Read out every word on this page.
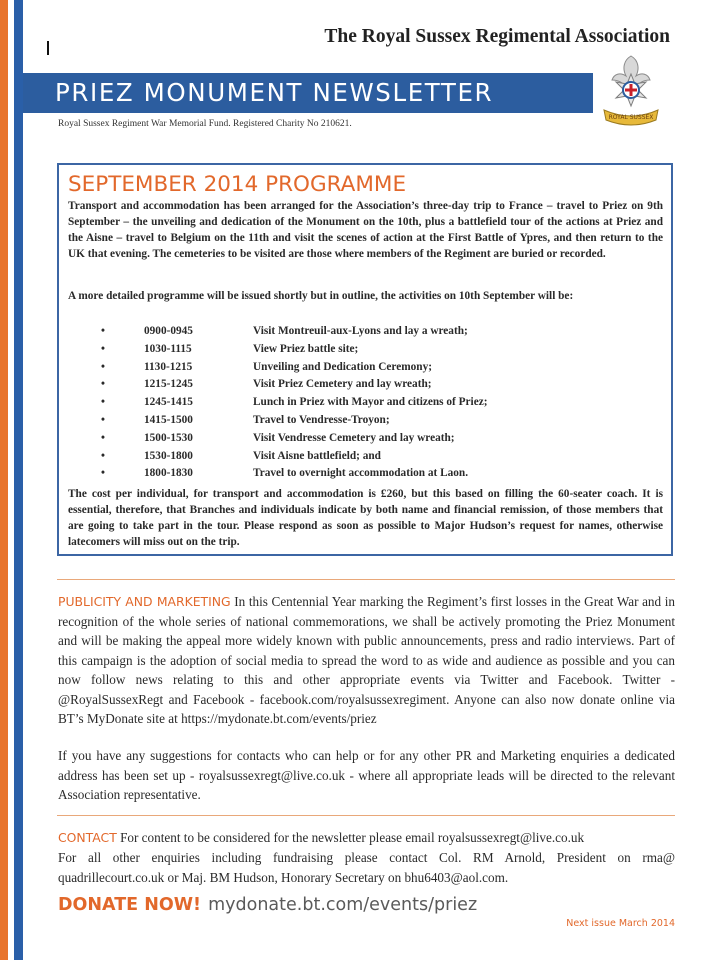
The Royal Sussex Regimental Association
PRIEZ MONUMENT NEWSLETTER
Royal Sussex Regiment War Memorial Fund. Registered Charity No 210621.
ROYAL SUSSEX
SEPTEMBER 2014 PROGRAMME
Transport and accommodation has been arranged for the Association’s three-day trip to France – travel to Priez on 9th September – the unveiling and dedication of the Monument on the 10th, plus a battlefield tour of the actions at Priez and the Aisne – travel to Belgium on the 11th and visit the scenes of action at the First Battle of Ypres, and then return to the UK that evening. The cemeteries to be visited are those where members of the Regiment are buried or recorded.
A more detailed programme will be issued shortly but in outline, the activities on 10th September will be:
•	0900-0945	Visit Montreuil-aux-Lyons and lay a wreath;
•	1030-1115	View Priez battle site;
•	1130-1215	Unveiling and Dedication Ceremony;
•	1215-1245	Visit Priez Cemetery and lay wreath;
•	1245-1415	Lunch in Priez with Mayor and citizens of Priez;
•	1415-1500	Travel to Vendresse-Troyon;
•	1500-1530	Visit Vendresse Cemetery and lay wreath;
•	1530-1800	Visit Aisne battlefield; and
•	1800-1830	Travel to overnight accommodation at Laon.
The cost per individual, for transport and accommodation is £260, but this based on filling the 60-seater coach. It is essential, therefore, that Branches and individuals indicate by both name and financial remission, of those members that are going to take part in the tour. Please respond as soon as possible to Major Hudson’s request for names, otherwise latecomers will miss out on the trip.
PUBLICITY AND MARKETING In this Centennial Year marking the Regiment’s first losses in the Great War and in recognition of the whole series of national commemorations, we shall be actively promoting the Priez Monument and will be making the appeal more widely known with public announcements, press and radio interviews. Part of this campaign is the adoption of social media to spread the word to as wide and audience as possible and you can now follow news relating to this and other appropriate events via Twitter and Facebook. Twitter - @RoyalSussexRegt and Facebook - facebook.com/royalsussexregiment. Anyone can also now donate online via BT’s MyDonate site at https://mydonate.bt.com/events/priez
If you have any suggestions for contacts who can help or for any other PR and Marketing enquiries a dedicated address has been set up - royalsussexregt@live.co.uk - where all appropriate leads will be directed to the relevant Association representative.
CONTACT For content to be considered for the newsletter please email royalsussexregt@live.co.uk
For all other enquiries including fundraising please contact Col. RM Arnold, President on rma@ quadrillecourt.co.uk or Maj. BM Hudson, Honorary Secretary on bhu6403@aol.com.
DONATE NOW! mydonate.bt.com/events/priez
Next issue March 2014
